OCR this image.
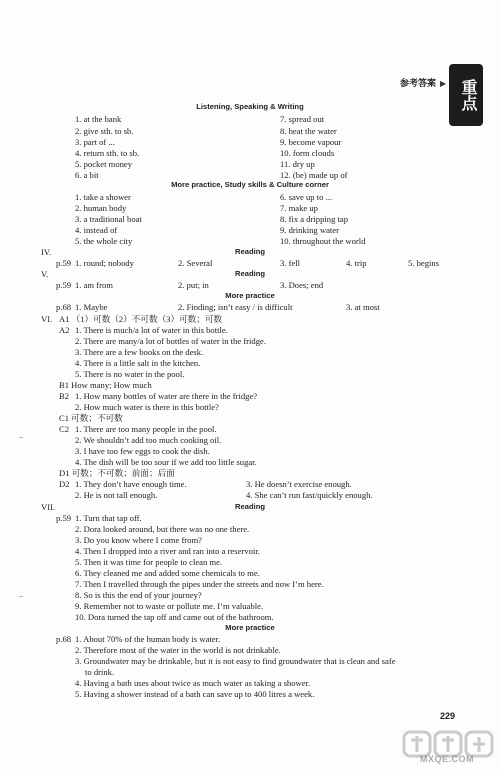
参考答案 ▶ 重点
Listening, Speaking & Writing
1. at the bank
2. give sth. to sb.
3. part of ...
4. return sth. to sb.
5. pocket money
6. a bit
7. spread out
8. heat the water
9. become vapour
10. form clouds
11. dry up
12. (be) made up of
More practice, Study skills & Culture corner
1. take a shower
2. human body
3. a traditional boat
4. instead of
5. the whole city
6. save up to ...
7. make up
8. fix a dripping tap
9. drinking water
10. throughout the world
IV.	Reading
p.59 1. round; nobody	2. Several	3. fell	4. trip	5. begins
V.	Reading
p.59 1. am from	2. put; in	3. Does; end
More practice
p.68 1. Maybe	2. Finding; isn’t easy / is difficult	3. at most
VI. A1 （1）可数（2）不可数（3）可数；可数
A2 1. There is much/a lot of water in this bottle.
2. There are many/a lot of bottles of water in the fridge.
3. There are a few books on the desk.
4. There is a little salt in the kitchen.
5. There is no water in the pool.
B1 How many; How much
B2 1. How many bottles of water are there in the fridge?
2. How much water is there in this bottle?
C1 可数；不可数
C2 1. There are too many people in the pool.
2. We shouldn’t add too much cooking oil.
3. I have too few eggs to cook the dish.
4. The dish will be too sour if we add too little sugar.
D1 可数；不可数；前面；后面
D2 1. They don’t have enough time.
2. He is not tall enough.
3. He doesn’t exercise enough.
4. She can’t run fast/quickly enough.
VII.	Reading
p.59 1. Turn that tap off.
2. Dora looked around, but there was no one there.
3. Do you know where I come from?
4. Then I dropped into a river and ran into a reservoir.
5. Then it was time for people to clean me.
6. They cleaned me and added some chemicals to me.
7. Then I travelled through the pipes under the streets and now I’m here.
8. So is this the end of your journey?
9. Remember not to waste or pollute me. I’m valuable.
10. Dora turned the tap off and came out of the bathroom.
More practice
p.68 1. About 70% of the human body is water.
2. Therefore most of the water in the world is not drinkable.
3. Groundwater may be drinkable, but it is not easy to find groundwater that is clean and safe
to drink.
4. Having a bath uses about twice as much water as taking a shower.
5. Having a shower instead of a bath can save up to 400 litres a week.
229
MXQE.COM
